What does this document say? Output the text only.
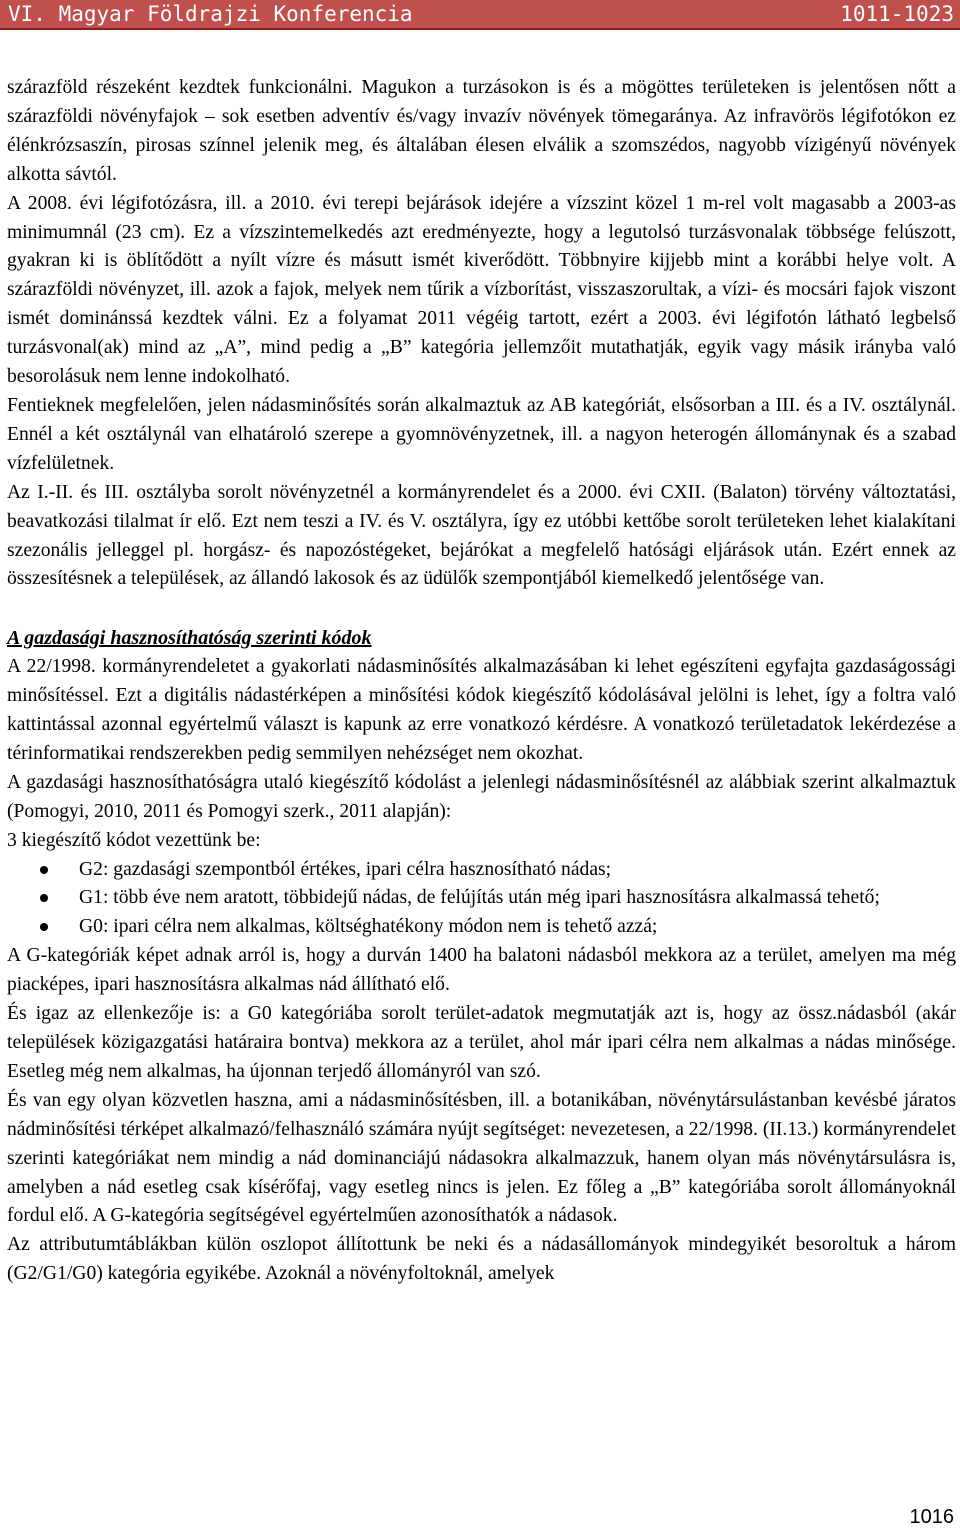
VI. Magyar Földrajzi Konferencia	1011-1023

szárazföld részeként kezdtek funkcionálni. Magukon a turzásokon is és a mögöttes területeken is jelentősen nőtt a szárazföldi növényfajok – sok esetben adventív és/vagy invazív növények tömegaránya. Az infravörös légifotókon ez élénkrózsaszín, pirosas színnel jelenik meg, és általában élesen elválik a szomszédos, nagyobb vízigényű növények alkotta sávtól.

A 2008. évi légifotózásra, ill. a 2010. évi terepi bejárások idejére a vízszint közel 1 m-rel volt magasabb a 2003-as minimumnál (23 cm). Ez a vízszintemelkedés azt eredményezte, hogy a legutolsó turzásvonalak többsége felúszott, gyakran ki is öblítődött a nyílt vízre és másutt ismét kiverődött. Többnyire kijjebb mint a korábbi helye volt. A szárazföldi növényzet, ill. azok a fajok, melyek nem tűrik a vízborítást, visszaszorultak, a vízi- és mocsári fajok viszont ismét dominánssá kezdtek válni. Ez a folyamat 2011 végéig tartott, ezért a 2003. évi légifotón látható legbelső turzásvonal(ak) mind az „A”, mind pedig a „B” kategória jellemzőit mutathatják, egyik vagy másik irányba való besorolásuk nem lenne indokolható.

Fentieknek megfelelően, jelen nádasminősítés során alkalmaztuk az AB kategóriát, elsősorban a III. és a IV. osztálynál. Ennél a két osztálynál van elhatároló szerepe a gyomnövényzetnek, ill. a nagyon heterogén állománynak és a szabad vízfelületnek.

Az I.-II. és III. osztályba sorolt növényzetnél a kormányrendelet és a 2000. évi CXII. (Balaton) törvény változtatási, beavatkozási tilalmat ír elő. Ezt nem teszi a IV. és V. osztályra, így ez utóbbi kettőbe sorolt területeken lehet kialakítani szezonális jelleggel pl. horgász- és napozóstégeket, bejárókat a megfelelő hatósági eljárások után. Ezért ennek az összesítésnek a települések, az állandó lakosok és az üdülők szempontjából kiemelkedő jelentősége van.

A gazdasági hasznosíthatóság szerinti kódok

A 22/1998. kormányrendeletet a gyakorlati nádasminősítés alkalmazásában ki lehet egészíteni egyfajta gazdaságossági minősítéssel. Ezt a digitális nádastérképen a minősítési kódok kiegészítő kódolásával jelölni is lehet, így a foltra való kattintással azonnal egyértelmű választ is kapunk az erre vonatkozó kérdésre. A vonatkozó területadatok lekérdezése a térinformatikai rendszerekben pedig semmilyen nehézséget nem okozhat.

A gazdasági hasznosíthatóságra utaló kiegészítő kódolást a jelenlegi nádasminősítésnél az alábbiak szerint alkalmaztuk (Pomogyi, 2010, 2011 és Pomogyi szerk., 2011 alapján):

3 kiegészítő kódot vezettünk be:

G2: gazdasági szempontból értékes, ipari célra hasznosítható nádas;
G1: több éve nem aratott, többidejű nádas, de felújítás után még ipari hasznosításra alkalmassá tehető;
G0: ipari célra nem alkalmas, költséghatékony módon nem is tehető azzá;

A G-kategóriák képet adnak arról is, hogy a durván 1400 ha balatoni nádasból mekkora az a terület, amelyen ma még piacképes, ipari hasznosításra alkalmas nád állítható elő.

És igaz az ellenkezője is: a G0 kategóriába sorolt terület-adatok megmutatják azt is, hogy az össz.nádasból (akár települések közigazgatási határaira bontva) mekkora az a terület, ahol már ipari célra nem alkalmas a nádas minősége. Esetleg még nem alkalmas, ha újonnan terjedő állományról van szó.

És van egy olyan közvetlen haszna, ami a nádasminősítésben, ill. a botanikában, növénytársulástanban kevésbé járatos nádminősítési térképet alkalmazó/felhasználó számára nyújt segítséget: nevezetesen, a 22/1998. (II.13.) kormányrendelet szerinti kategóriákat nem mindig a nád dominanciájú nádasokra alkalmazzuk, hanem olyan más növénytársulásra is, amelyben a nád esetleg csak kísérőfaj, vagy esetleg nincs is jelen. Ez főleg a „B” kategóriába sorolt állományoknál fordul elő. A G-kategória segítségével egyértelműen azonosíthatók a nádasok.

Az attributumtáblákban külön oszlopot állítottunk be neki és a nádasállományok mindegyikét besoroltuk a három (G2/G1/G0) kategória egyikébe. Azoknál a növényfoltoknál, amelyek

1016
